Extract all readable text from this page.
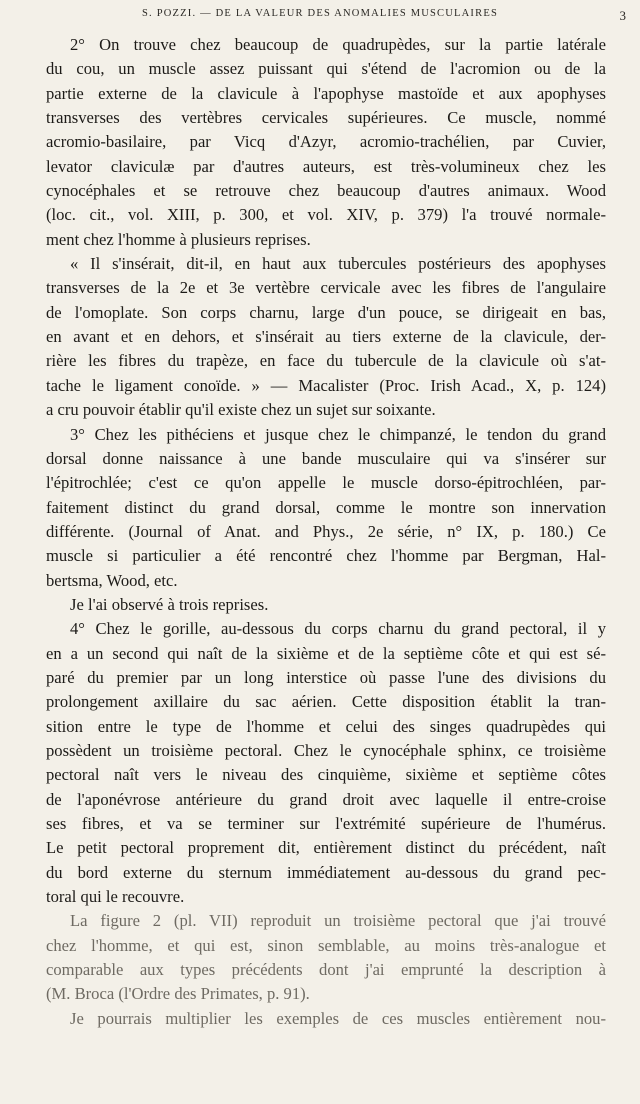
S. POZZI. — DE LA VALEUR DES ANOMALIES MUSCULAIRES	3
2° On trouve chez beaucoup de quadrupèdes, sur la partie latérale
du cou, un muscle assez puissant qui s'étend de l'acromion ou de la
partie externe de la clavicule à l'apophyse mastoïde et aux apophyses
transverses des vertèbres cervicales supérieures. Ce muscle, nommé
acromio-basilaire, par Vicq d'Azyr, acromio-trachélien, par Cuvier,
levator claviculæ par d'autres auteurs, est très-volumineux chez les
cynocéphales et se retrouve chez beaucoup d'autres animaux. Wood
(loc. cit., vol. XIII, p. 300, et vol. XIV, p. 379) l'a trouvé normale-
ment chez l'homme à plusieurs reprises.
« Il s'insérait, dit-il, en haut aux tubercules postérieurs des apophyses
transverses de la 2e et 3e vertèbre cervicale avec les fibres de l'angulaire
de l'omoplate. Son corps charnu, large d'un pouce, se dirigeait en bas,
en avant et en dehors, et s'insérait au tiers externe de la clavicule, der-
rière les fibres du trapèze, en face du tubercule de la clavicule où s'at-
tache le ligament conoïde. » — Macalister (Proc. Irish Acad., X, p. 124)
a cru pouvoir établir qu'il existe chez un sujet sur soixante.
3° Chez les pithéciens et jusque chez le chimpanzé, le tendon du grand
dorsal donne naissance à une bande musculaire qui va s'insérer sur
l'épitrochlée; c'est ce qu'on appelle le muscle dorso-épitrochléen, par-
faitement distinct du grand dorsal, comme le montre son innervation
différente. (Journal of Anat. and Phys., 2e série, n° IX, p. 180.) Ce
muscle si particulier a été rencontré chez l'homme par Bergman, Hal-
bertsma, Wood, etc.
Je l'ai observé à trois reprises.
4° Chez le gorille, au-dessous du corps charnu du grand pectoral, il y
en a un second qui naît de la sixième et de la septième côte et qui est sé-
paré du premier par un long interstice où passe l'une des divisions du
prolongement axillaire du sac aérien. Cette disposition établit la tran-
sition entre le type de l'homme et celui des singes quadrupèdes qui
possèdent un troisième pectoral. Chez le cynocéphale sphinx, ce troisième
pectoral naît vers le niveau des cinquième, sixième et septième côtes
de l'aponévrose antérieure du grand droit avec laquelle il entre-croise
ses fibres, et va se terminer sur l'extrémité supérieure de l'humérus.
Le petit pectoral proprement dit, entièrement distinct du précédent, naît
du bord externe du sternum immédiatement au-dessous du grand pec-
toral qui le recouvre.
La figure 2 (pl. VII) reproduit un troisième pectoral que j'ai trouvé
chez l'homme, et qui est, sinon semblable, au moins très-analogue et
comparable aux types précédents dont j'ai emprunté la description à
(M. Broca (l'Ordre des Primates, p. 91).
Je pourrais multiplier les exemples de ces muscles entièrement nou-
